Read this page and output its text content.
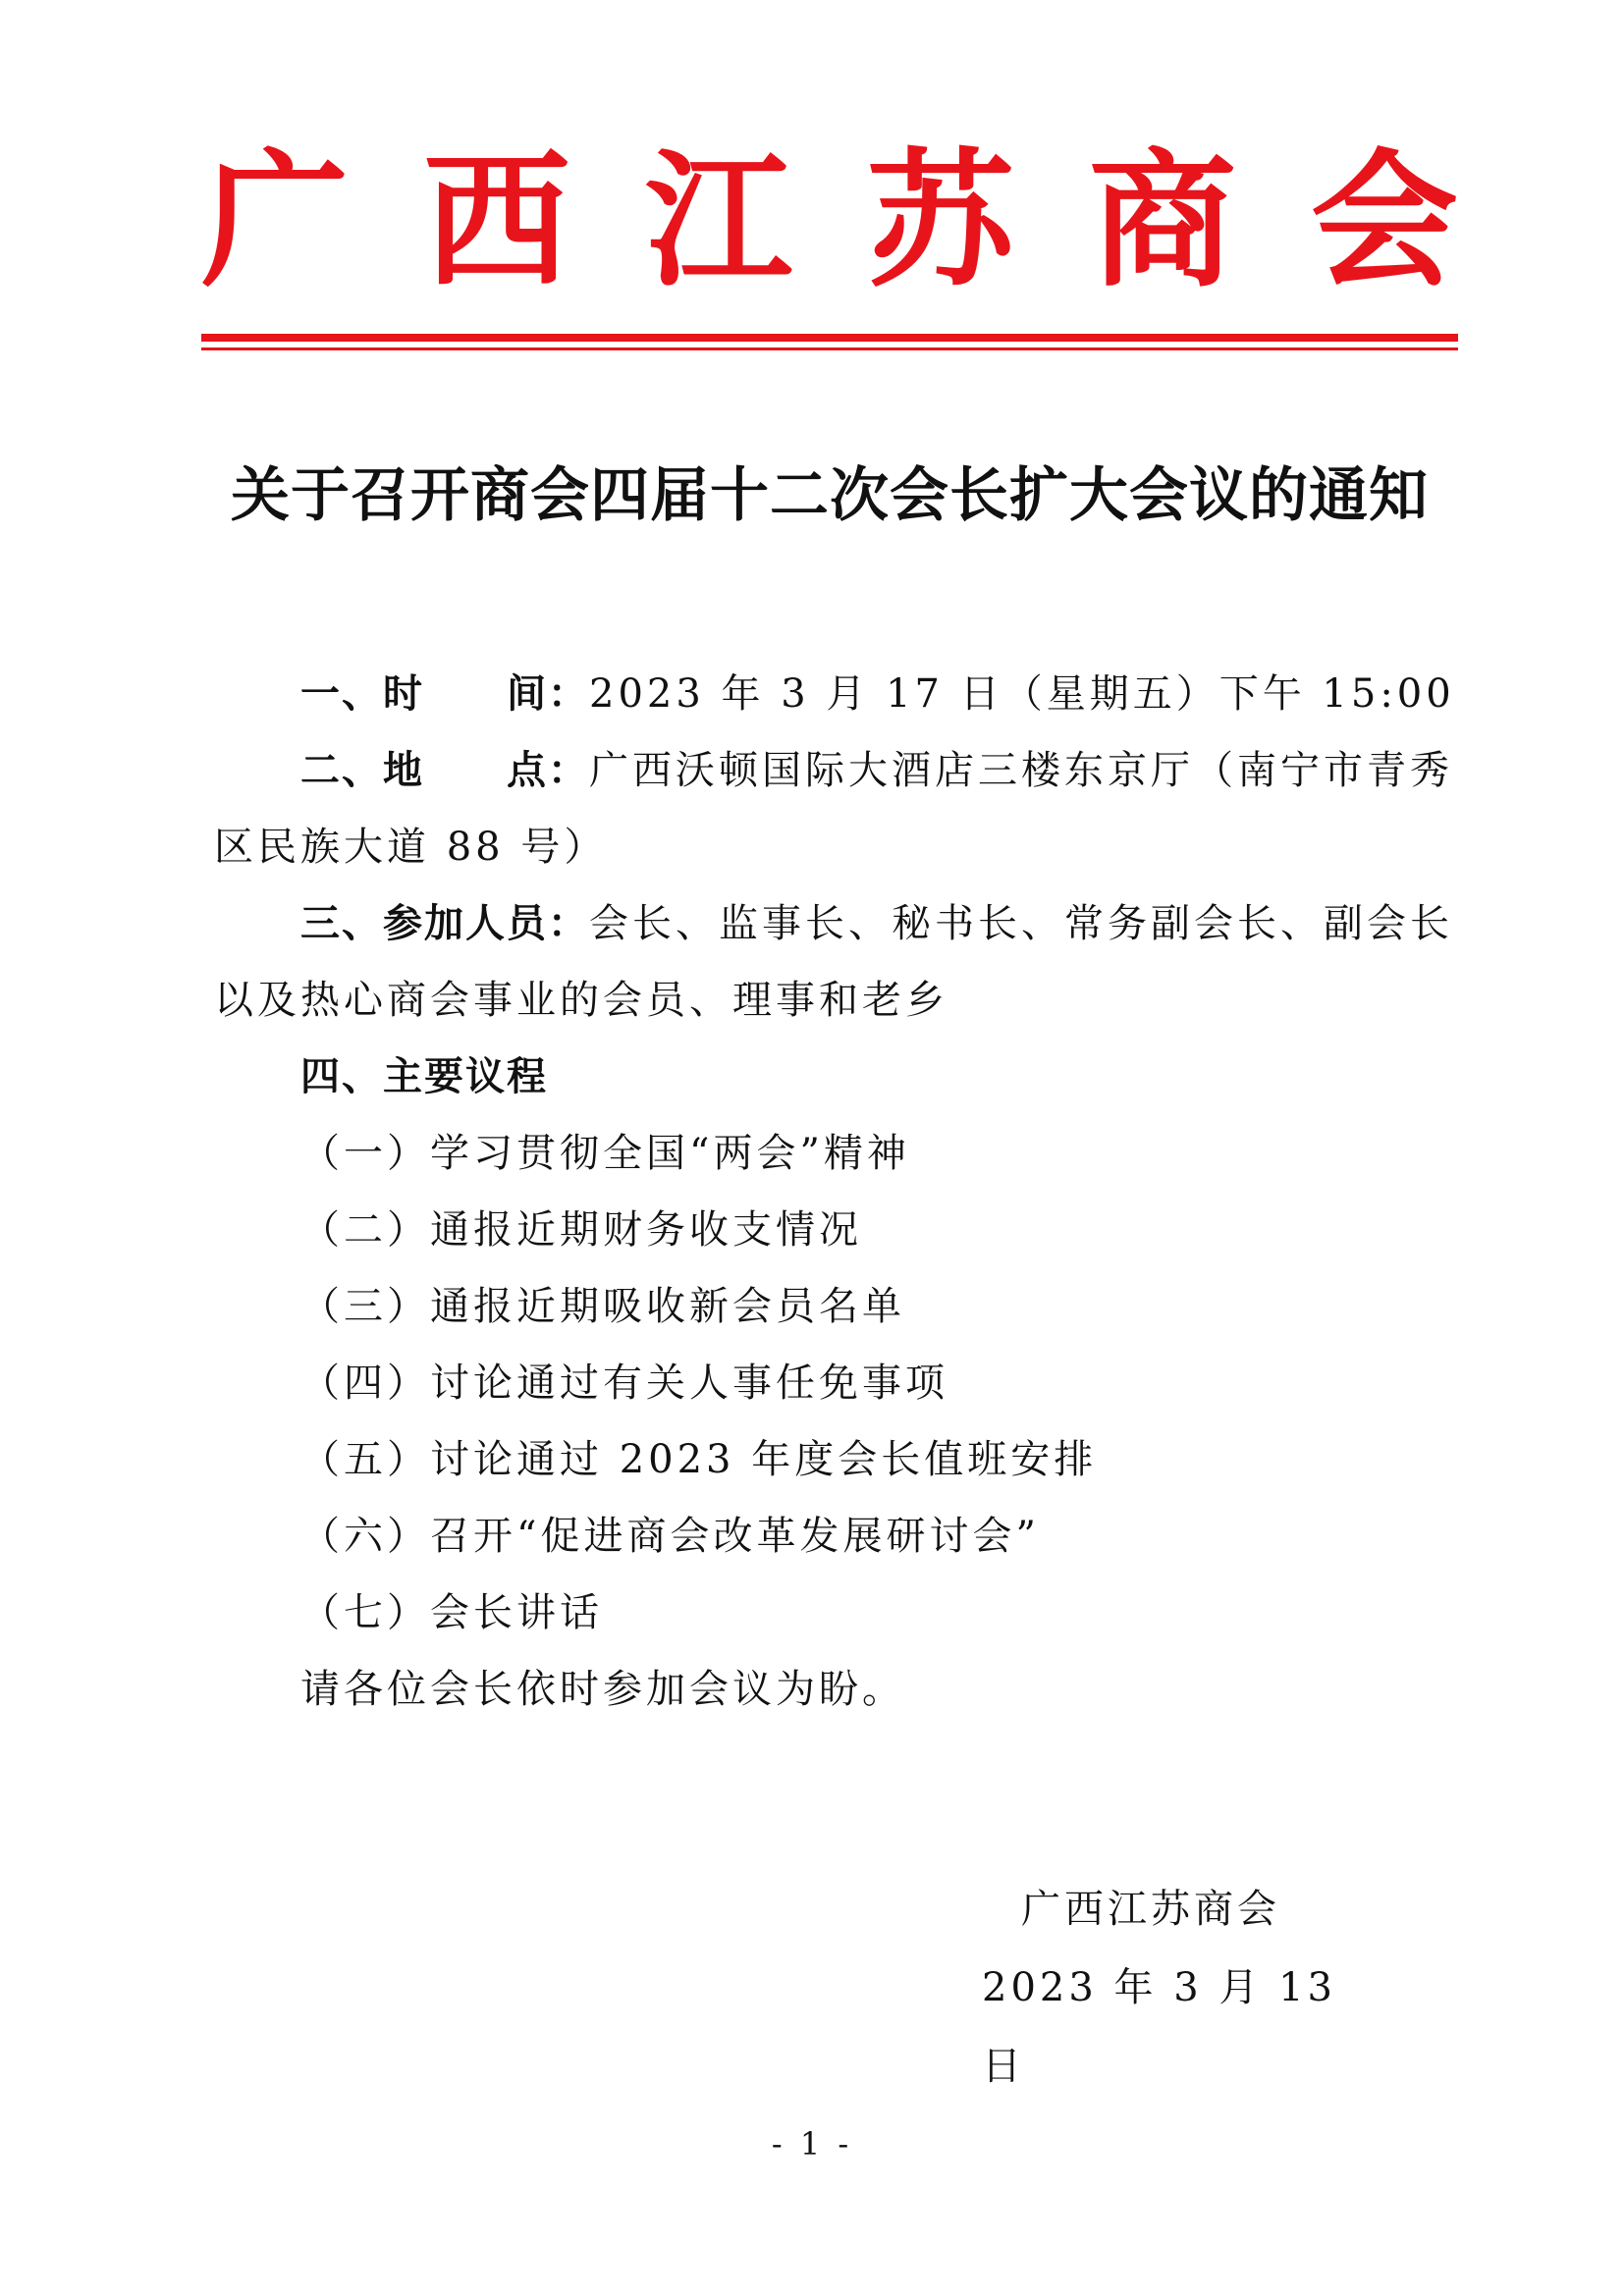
广 西 江 苏 商 会
关于召开商会四届十二次会长扩大会议的通知

一、时　　间：2023 年 3 月 17 日（星期五）下午 15:00

二、地　　点：广西沃顿国际大酒店三楼东京厅（南宁市青秀区民族大道 88 号）

三、参加人员：会长、监事长、秘书长、常务副会长、副会长以及热心商会事业的会员、理事和老乡

四、主要议程

（一）学习贯彻全国“两会”精神

（二）通报近期财务收支情况

（三）通报近期吸收新会员名单

（四）讨论通过有关人事任免事项

（五）讨论通过 2023 年度会长值班安排

（六）召开“促进商会改革发展研讨会”

（七）会长讲话

请各位会长依时参加会议为盼。

广西江苏商会
2023 年 3 月 13 日
- 1 -
